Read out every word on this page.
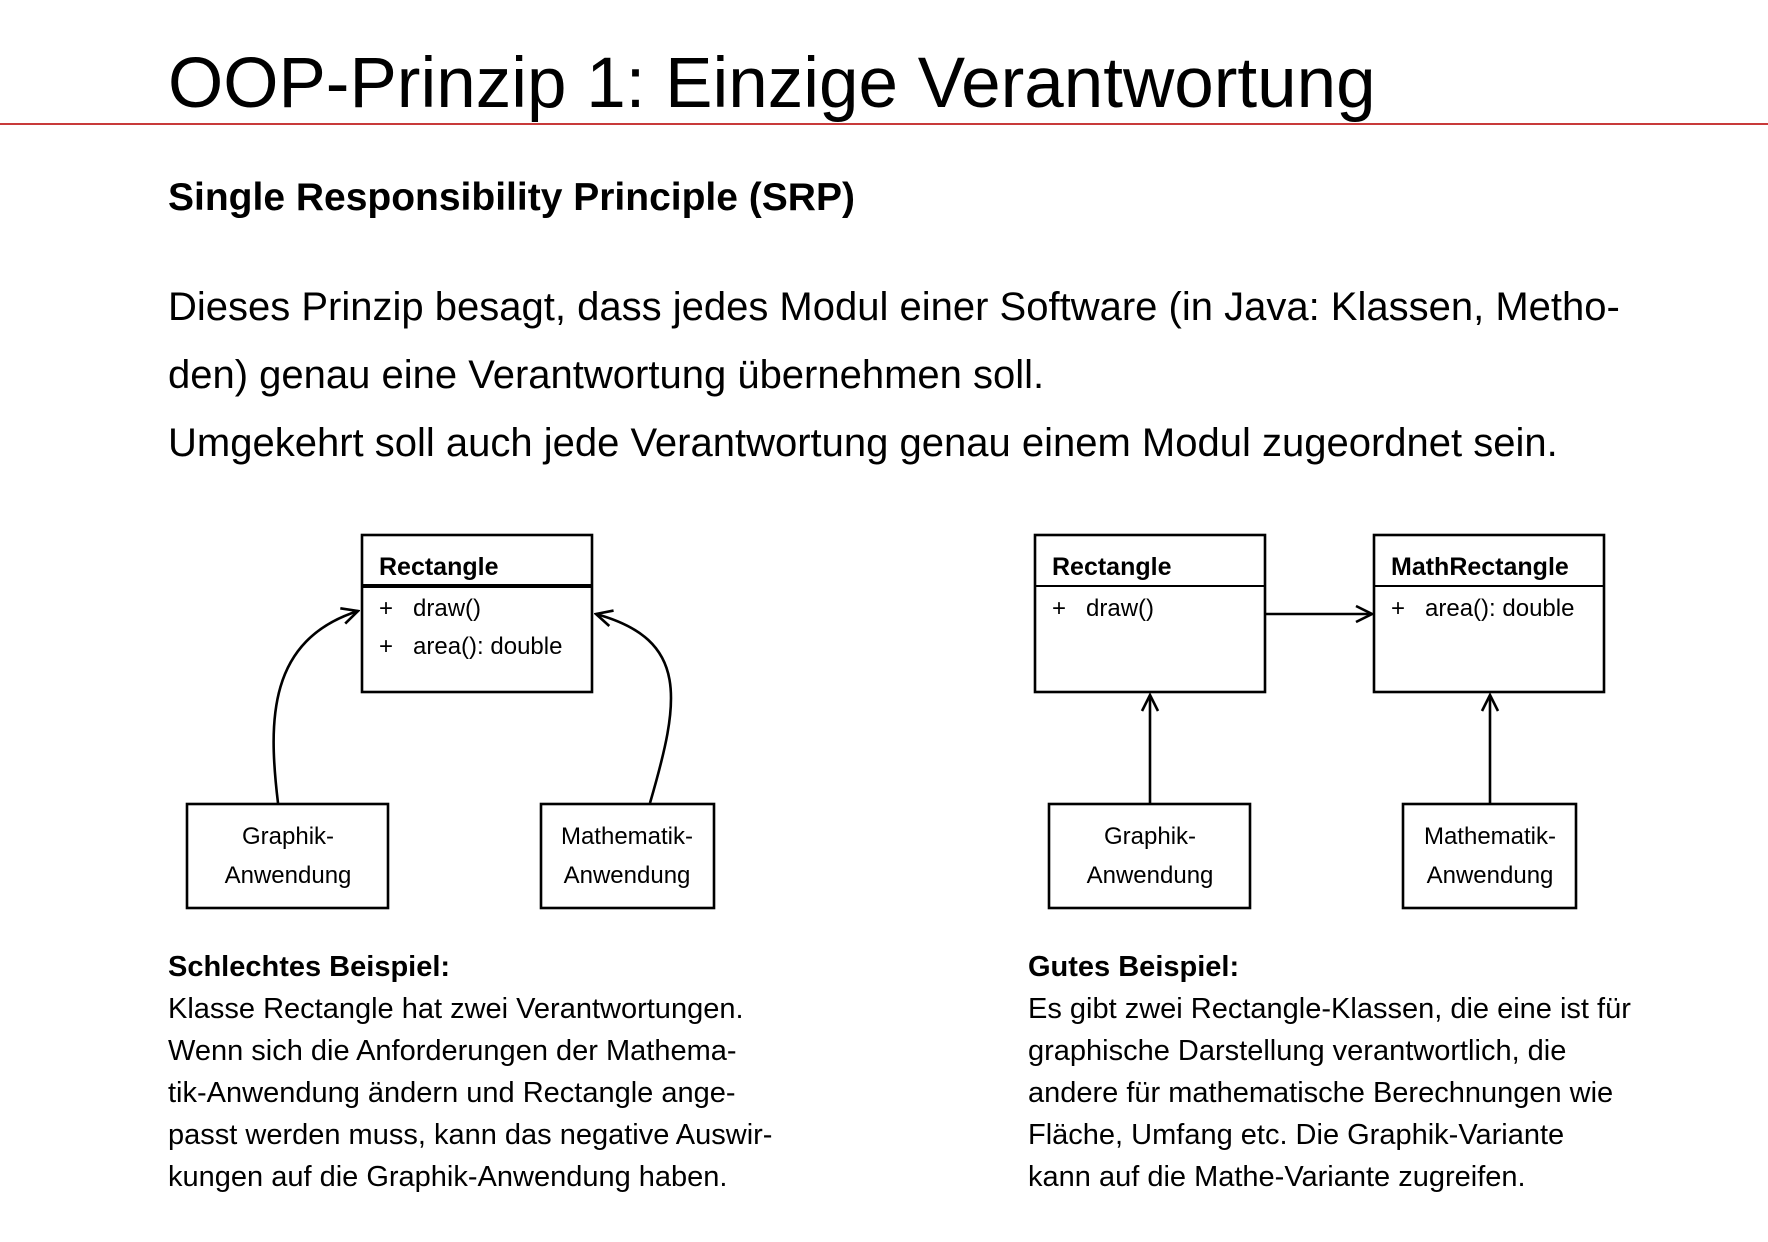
OOP-Prinzip 1: Einzige Verantwortung
Single Responsibility Principle (SRP)
Dieses Prinzip besagt, dass jedes Modul einer Software (in Java: Klassen, Metho-
den) genau eine Verantwortung übernehmen soll.
Umgekehrt soll auch jede Verantwortung genau einem Modul zugeordnet sein.
Rectangle
+   draw()
+   area(): double
Graphik-
Anwendung
Mathematik-
Anwendung
Rectangle
+   draw()
MathRectangle
+   area(): double
Graphik-
Anwendung
Mathematik-
Anwendung
Schlechtes Beispiel:
Klasse Rectangle hat zwei Verantwortungen.
Wenn sich die Anforderungen der Mathema-
tik-Anwendung ändern und Rectangle ange-
passt werden muss, kann das negative Auswir-
kungen auf die Graphik-Anwendung haben.
Gutes Beispiel:
Es gibt zwei Rectangle-Klassen, die eine ist für
graphische Darstellung verantwortlich, die
andere für mathematische Berechnungen wie
Fläche, Umfang etc. Die Graphik-Variante
kann auf die Mathe-Variante zugreifen.
